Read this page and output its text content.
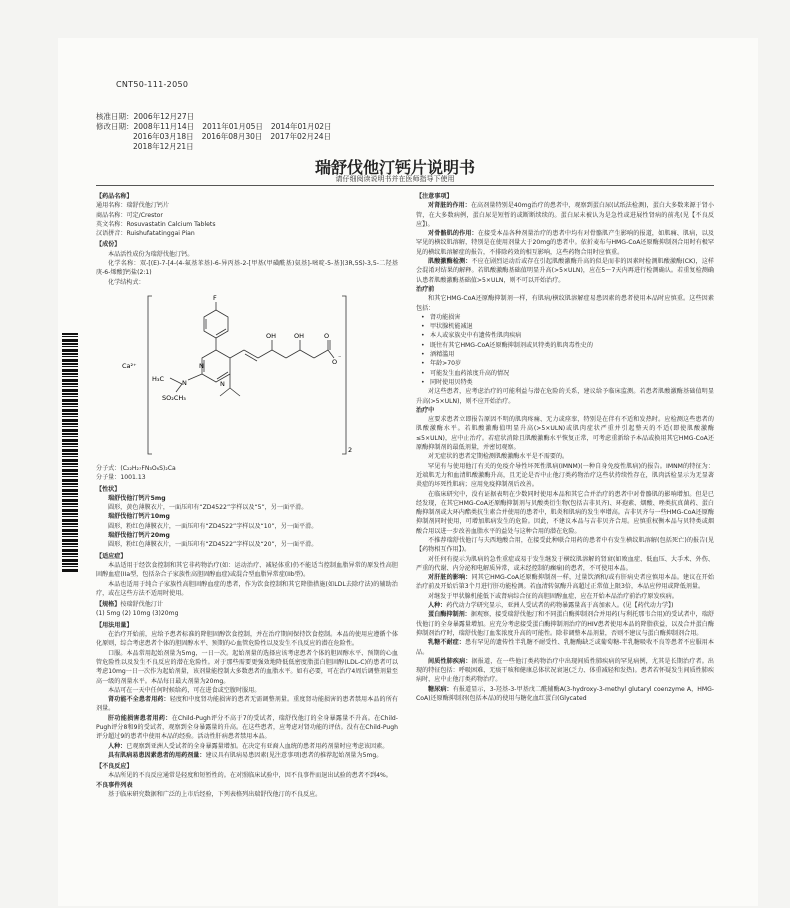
CNT50-111-2050
核准日期：2006年12月27日
修改日期：2008年11月14日 2011年01月05日 2014年01月02日
2016年03月18日 2016年08月30日 2017年02月24日
2018年12月21日
瑞舒伐他汀钙片说明书
请仔细阅读说明书并在医师指导下使用
【药品名称】

通用名称：瑞舒伐他汀钙片

商品名称：可定/Crestor

英文名称：Rosuvastatin Calcium Tablets

汉语拼音：Ruishufatatinggai Pian

【成份】

本品活性成份为瑞舒伐他汀钙。

化学名称：双-[(E)-7-[4-(4-氟基苯基)-6-异丙基-2-[甲基(甲磺酰基)氨基]-嘧啶-5-基](3R,5S)-3,5-二羟基庚-6-烯酸]钙盐(2:1)

化学结构式：

F
N
N
N
H₃C
SO₂CH₃
OH	OH	O
O ⁻
Ca²⁺
2

分子式：(C₂₂H₂₇FN₃O₆S)₂Ca

分子量：1001.13

【性状】

瑞舒伐他汀钙片5mg

圆形，黄色薄膜衣片，一面压印有“ZD4522”字样以及“5”，另一面平滑。

瑞舒伐他汀钙片10mg

圆形，粉红色薄膜衣片，一面压印有“ZD4522”字样以及“10”，另一面平滑。

瑞舒伐他汀钙片20mg

圆形，粉红色薄膜衣片，一面压印有“ZD4522”字样以及“20”，另一面平滑。

【适应症】

本品适用于经饮食控制和其它非药物治疗(如：运动治疗、减轻体重)仍不能适当控制血脂异常的原发性高胆固醇血症(IIa型，包括杂合子家族性高胆固醇血症)或混合型血脂异常症(IIb型)。

本品也适用于纯合子家族性高胆固醇血症的患者，作为饮食控制和其它降脂措施(如LDL去除疗法)的辅助治疗，或在这些方法不适用时使用。

【规格】按瑞舒伐他汀计

(1) 5mg (2) 10mg (3)20mg

【用法用量】

在治疗开始前，应给予患者标准的降胆固醇饮食控制，并在治疗期间保持饮食控制。本品的使用应遵循个体化原则，综合考虑患者个体的胆固醇水平、预期的心血管危险性以及发生不良反应的潜在危险性。

口服。本品常用起始剂量为5mg，一日一次。起始剂量的选择应该考虑患者个体的胆固醇水平、预期的心血管危险性以及发生不良反应的潜在危险性。对于那些需要更强效地降低低密度脂蛋白胆固醇(LDL-C)的患者可以考虑10mg一日一次作为起始剂量，该剂量能控制大多数患者的血脂水平。如有必要，可在治疗4周后调整剂量至高一级的剂量水平。本品每日最大剂量为20mg。

本品可在一天中任何时候给药，可在进食或空腹时服用。

肾功能不全患者用药：轻度和中度肾功能损害的患者无需调整剂量。重度肾功能损害的患者禁用本品的所有剂量。

肝功能损害患者用药：在Child-Pugh评分不高于7的受试者，瑞舒伐他汀的全身暴露量不升高。在Child-Pugh评分8和9的受试者，观察到全身暴露量的升高。在这些患者，应考虑对肾功能的评估。没有在Child-Pugh评分超过9的患者中使用本品的经验。活动性肝病患者禁用本品。

人种：已观察到亚洲人受试者的全身暴露量增加。在决定有亚裔人血统的患者用药剂量时应考虑该因素。

具有肌病易患因素患者的用药剂量：建议具有肌病易患因素(见注意事项)患者的推荐起始剂量为5mg。

【不良反应】

本品所见的不良反应通常是轻度和短暂性的。在对照临床试验中，因不良事件而退出试验的患者不到4%。

不良事件列表

基于临床研究数据和广泛的上市后经验，下列表格列出瑞舒伐他汀的不良反应。

【注意事项】

对肾脏的作用：在高剂量特别是40mg治疗的患者中，观察到蛋白尿(试纸法检测)，蛋白大多数来源于肾小管，在大多数病例，蛋白尿是短暂的或断断续续的。蛋白尿未被认为是急性或进展性肾病的前兆(见【不良反应】)。

对骨骼肌的作用：在接受本品各种剂量治疗的患者中均有对骨骼肌产生影响的报道，如肌痛、肌病，以及罕见的横纹肌溶解，特别是在使用剂量大于20mg的患者中。依折麦布与HMG-CoA还原酶抑制剂合用时有极罕见的横纹肌溶解症的报告，不排除药效的相互影响，这些药物合用时应慎重。

肌酸激酶检测：不应在剧烈运动后或存在引起肌酸激酶升高的似是而非的因素时检测肌酸激酶(CK)，这样会混淆对结果的解释。若肌酸激酶基础值明显升高(>5×ULN)，应在5～7天内再进行检测确认。若重复检测确认患者肌酸激酶基础值>5×ULN，则不可以开始治疗。

治疗前

和其它HMG-CoA还原酶抑制剂一样，有肌病/横纹肌溶解症易患因素的患者使用本品时应慎重。这些因素包括：

• 肾功能损害
• 甲状腺机能减退
• 本人或家族史中有遗传性肌肉疾病
• 既往有其它HMG-CoA还原酶抑制剂或贝特类的肌肉毒性史的
• 酒精滥用
• 年龄>70岁
• 可能发生血药浓度升高的情况
• 同时使用贝特类

对这些患者，应考虑治疗的可能利益与潜在危险的关系，建议给予临床监测。若患者肌酸激酶基础值明显升高(>5×ULN)，则不应开始治疗。

治疗中

应要求患者立即报告原因不明的肌肉疼痛、无力或痉挛，特别是在伴有不适和发热时。应检测这些患者的肌酸激酶水平。若肌酸激酶值明显升高(>5×ULN)或肌肉症状严重并引起整天的不适(即使肌酸激酶≤5×ULN)，应中止治疗。若症状消除且肌酸激酶水平恢复正常，可考虑重新给予本品或换用其它HMG-CoA还原酶抑制剂的最低剂量，并密切观察。

对无症状的患者定期检测肌酸激酶水平是不需要的。

罕见有与使用他汀有关的免疫介导性坏死性肌病(IMNM)(一种自身免疫性肌病)的报告。IMNM的特征为：近端肌无力和血清肌酸激酶升高，且无论是否中止他汀类药物治疗这些状持续性存在，肌肉活检显示为无显著炎症的坏死性肌病；应用免疫抑制剂后改善。

在临床研究中，没有证据表明在少数同时使用本品和其它合并治疗的患者中对骨骼肌的影响增加。但是已经发现，在其它HMG-CoA还原酶抑制剂与贝酸类衍生物(包括吉非贝齐)、环孢素、烟酸、唑类抗真菌药、蛋白酶抑制剂或大环内酯类抗生素合并使用的患者中，肌炎和肌病的发生率增高。吉非贝齐与一些HMG-CoA还原酶抑制剂同时使用，可增加肌病发生的危险。因此，不建议本品与吉非贝齐合用。应慎重权衡本品与贝特类或烟酸合用以进一步改善血脂水平的益处与这种合用的潜在危险。

不推荐瑞舒伐他汀与夫西地酸合用，在接受此种联合用药的患者中有发生横纹肌溶解(包括死亡)的报告(见【药物相互作用】)。

对任何有提示为肌病的急性重症或易于发生继发于横纹肌溶解的肾衰(如败血症、低血压、大手术、外伤、严重的代谢、内分泌和电解质异常，或未经控制的癫痫)的患者，不可使用本品。

对肝脏的影响：同其它HMG-CoA还原酶抑制剂一样，过量饮酒和/或有肝病史者应慎用本品。建议在开始治疗前及开始后第3个月进行肝功能检测。若血清转氨酶升高超过正常值上限3倍，本品应停用或降低剂量。

对继发于甲状腺机能低下或肾病综合征的高胆固醇血症，应在开始本品治疗前治疗原发疾病。

人种：药代动力学研究显示，亚洲人受试者的药物暴露量高于高加索人。(见【药代动力学】)

蛋白酶抑制剂：据观察，接受瑞舒伐他汀和不同蛋白酶抑制剂合并用药(与利托那韦合用)的受试者中，瑞舒伐他汀的全身暴露量增加。应充分考虑接受蛋白酶抑制剂治疗的HIV患者使用本品的降脂获益，以及合并蛋白酶抑制剂治疗时，瑞舒伐他汀血浆浓度升高的可能性。除非调整本品剂量，否则不建议与蛋白酶抑制剂合用。

乳糖不耐症：患有罕见的遗传性半乳糖不耐受性、乳糖酶缺乏或葡萄糖-半乳糖吸收不良等患者不应服用本品。

间质性肺疾病：据报道，在一些他汀类药物治疗中出现间质性肺疾病的罕见病例，尤其是长期治疗者。出现的特征包括：呼吸困难、无痰干咳和健康总体状况衰退(乏力、体重减轻和发热)。患者若怀疑发生间质性肺疾病时，应中止他汀类药物治疗。

糖尿病：有报道显示，3-羟基-3-甲基戊二酰辅酶A(3-hydroxy-3-methyl glutaryl coenzyme A，HMG-CoA)还原酶抑制剂(包括本品)的使用与糖化血红蛋白(Glycated
